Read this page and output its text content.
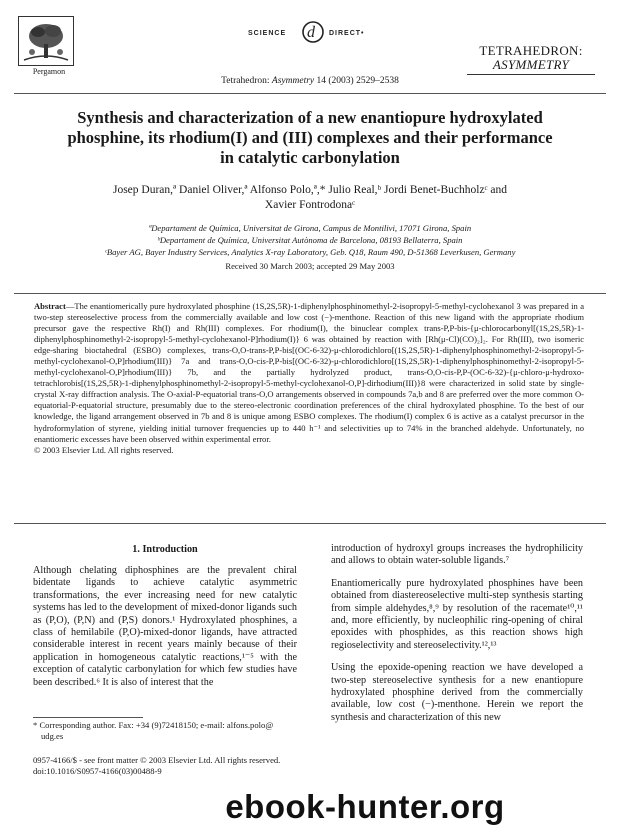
Pergamon
SCIENCE d DIRECT•
TETRAHEDRON:
ASYMMETRY
Tetrahedron: Asymmetry 14 (2003) 2529–2538
Synthesis and characterization of a new enantiopure hydroxylated phosphine, its rhodium(I) and (III) complexes and their performance in catalytic carbonylation
Josep Duran,ª Daniel Oliver,ª Alfonso Polo,ª,* Julio Real,ᵇ Jordi Benet-Buchholzᶜ and
Xavier Fontrodonaᶜ
ªDepartament de Química, Universitat de Girona, Campus de Montilivi, 17071 Girona, Spain
ᵇDepartament de Química, Universitat Autònoma de Barcelona, 08193 Bellaterra, Spain
ᶜBayer AG, Bayer Industry Services, Analytics X-ray Laboratory, Geb. Q18, Raum 490, D-51368 Leverkusen, Germany
Received 30 March 2003; accepted 29 May 2003

Abstract—The enantiomerically pure hydroxylated phosphine (1S,2S,5R)-1-diphenylphosphinomethyl-2-isopropyl-5-methyl-cyclohexanol 3 was prepared in a two-step stereoselective process from the commercially available and low cost (−)-menthone. Reaction of this new ligand with the appropriate rhodium precursor gave the respective Rh(I) and Rh(III) complexes. For rhodium(I), the binuclear complex trans-P,P-bis-{μ-chlorocarbonyl[(1S,2S,5R)-1-diphenylphosphinomethyl-2-isopropyl-5-methyl-cyclohexanol-P]rhodium(I)} 6 was obtained by reaction with [Rh(μ-Cl)(CO)₂]₂. For Rh(III), two isomeric edge-sharing bioctahedral (ESBO) complexes, trans-O,O-trans-P,P-bis[(OC-6-32)-μ-chlorodichloro[(1S,2S,5R)-1-diphenylphosphinomethyl-2-isopropyl-5-methyl-cyclohexanol-O,P]rhodium(III)} 7a and trans-O,O-cis-P,P-bis[(OC-6-32)-μ-chlorodichloro[(1S,2S,5R)-1-diphenylphosphinomethyl-2-isopropyl-5-methyl-cyclohexanol-O,P]rhodium(III)} 7b, and the partially hydrolyzed product, trans-O,O-cis-P,P-(OC-6-32)-{μ-chloro-μ-hydroxo-tetrachlorobis[(1S,2S,5R)-1-diphenylphosphinomethyl-2-isopropyl-5-methyl-cyclohexanol-O,P]-dirhodium(III)}8 were characterized in solid state by single-crystal X-ray diffraction analysis. The O-axial-P-equatorial trans-O,O arrangements observed in compounds 7a,b and 8 are preferred over the more common O-equatorial-P-equatorial structure, presumably due to the stereo-electronic coordination preferences of the chiral hydroxylated phosphine. To the best of our knowledge, the ligand arrangement observed in 7b and 8 is unique among ESBO complexes. The rhodium(I) complex 6 is active as a catalyst precursor in the hydroformylation of styrene, yielding initial turnover frequencies up to 440 h⁻¹ and selectivities up to 74% in the branched aldehyde. Unfortunately, no enantiomeric excesses have been observed within experimental error.

© 2003 Elsevier Ltd. All rights reserved.

1. Introduction

Although chelating diphosphines are the prevalent chiral bidentate ligands to achieve catalytic asymmetric transformations, the ever increasing need for new catalytic systems has led to the development of mixed-donor ligands such as (P,O), (P,N) and (P,S) donors.¹ Hydroxylated phosphines, a class of hemilabile (P,O)-mixed-donor ligands, have attracted considerable interest in recent years mainly because of their application in homogeneous catalytic reactions,¹⁻⁵ with the exception of catalytic carbonylation for which few studies have been described.⁶ It is also of interest that the

introduction of hydroxyl groups increases the hydrophilicity and allows to obtain water-soluble ligands.⁷

Enantiomerically pure hydroxylated phosphines have been obtained from diastereoselective multi-step synthesis starting from simple aldehydes,⁸,⁹ by resolution of the racemate¹⁰,¹¹ and, more efficiently, by nucleophilic ring-opening of chiral epoxides with phosphides, as this reaction shows high regioselectivity and stereoselectivity.¹²,¹³

Using the epoxide-opening reaction we have developed a two-step stereoselective synthesis for a new enantiopure hydroxylated phosphine derived from the commercially available, low cost (−)-menthone. Herein we report the synthesis and characterization of this new

* Corresponding author. Fax: +34 (9)72418150; e-mail: alfons.polo@
udg.es
0957-4166/$ - see front matter © 2003 Elsevier Ltd. All rights reserved.
doi:10.1016/S0957-4166(03)00488-9
ebook-hunter.org
